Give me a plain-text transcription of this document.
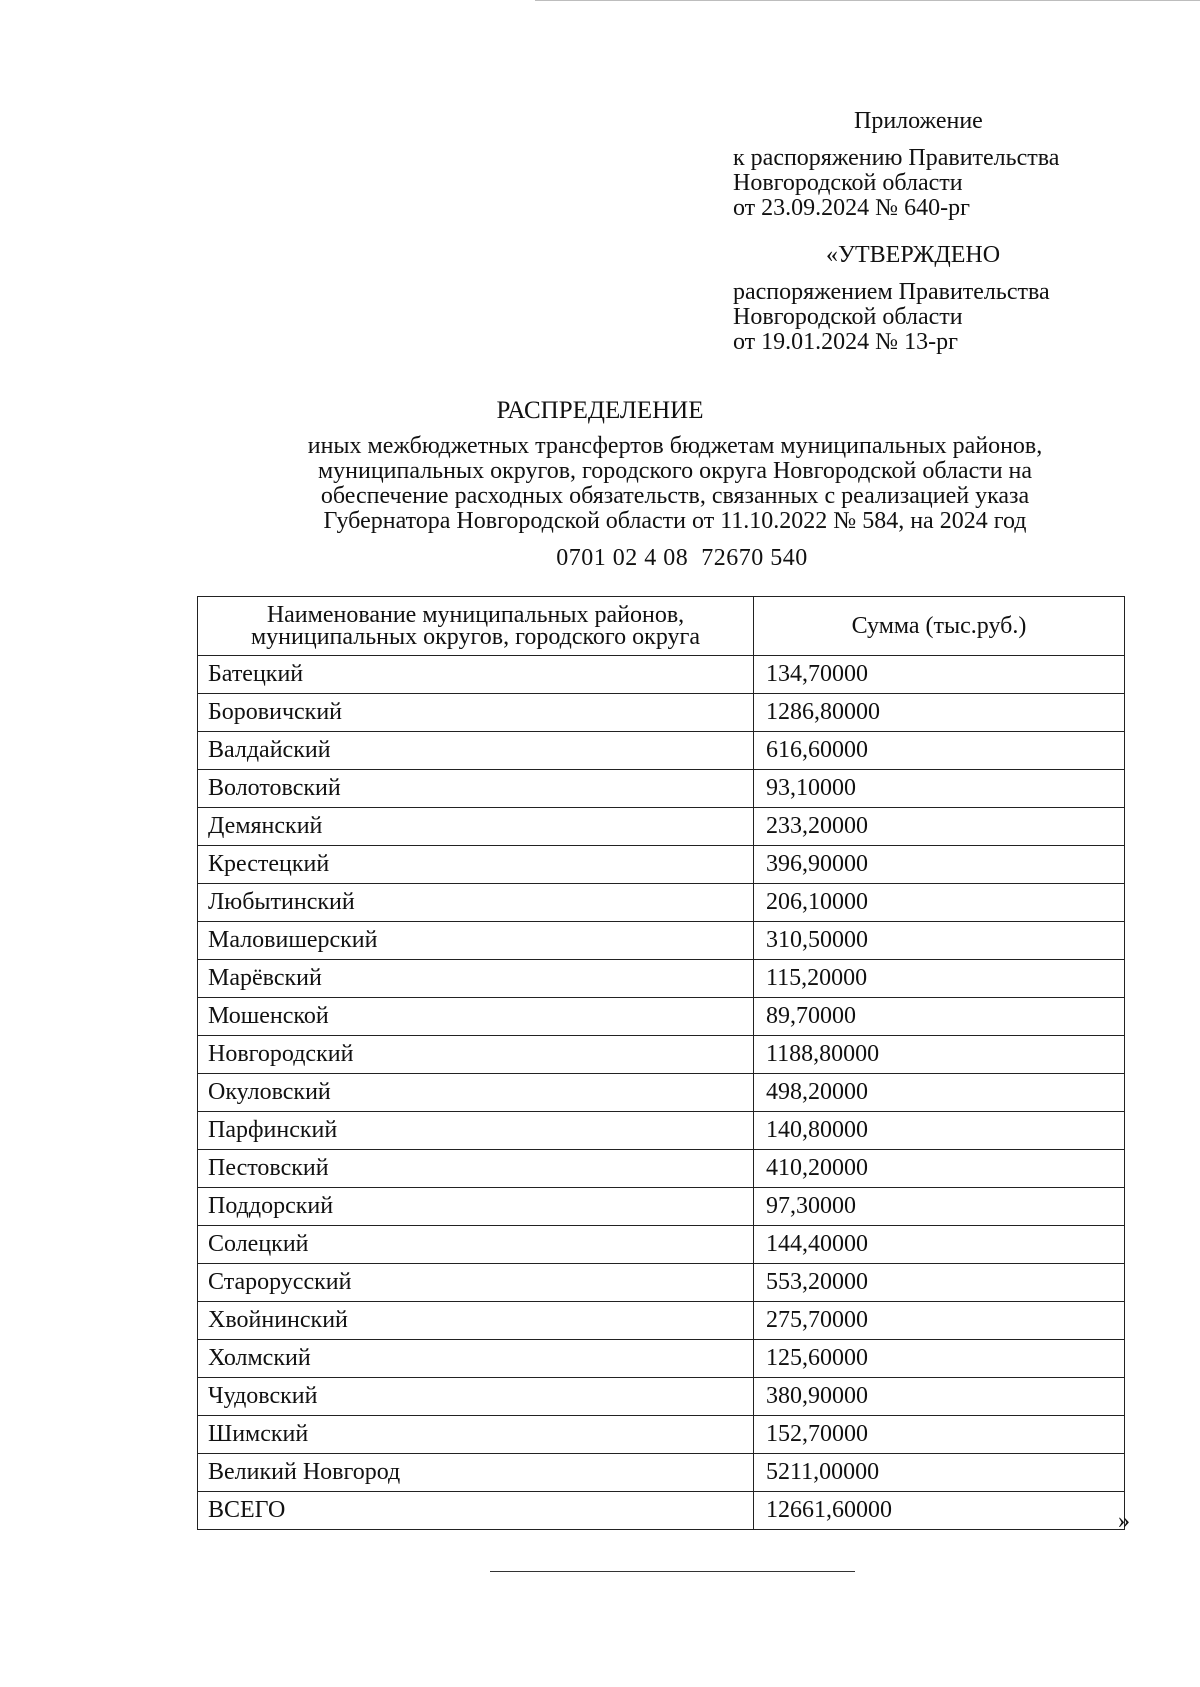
Приложение
к распоряжению Правительства
Новгородской области
от 23.09.2024 № 640-рг
«УТВЕРЖДЕНО
распоряжением Правительства
Новгородской области
от 19.01.2024 № 13-рг
РАСПРЕДЕЛЕНИЕ
иных межбюджетных трансфертов бюджетам муниципальных районов,
муниципальных округов, городского округа Новгородской области на
обеспечение расходных обязательств, связанных с реализацией указа
Губернатора Новгородской области от 11.10.2022 № 584, на 2024 год
0701 02 4 08  72670 540
Наименование муниципальных районов,
муниципальных округов, городского округа	Сумма (тыс.руб.)
Батецкий	134,70000
Боровичский	1286,80000
Валдайский	616,60000
Волотовский	93,10000
Демянский	233,20000
Крестецкий	396,90000
Любытинский	206,10000
Маловишерский	310,50000
Марёвский	115,20000
Мошенской	89,70000
Новгородский	1188,80000
Окуловский	498,20000
Парфинский	140,80000
Пестовский	410,20000
Поддорский	97,30000
Солецкий	144,40000
Старорусский	553,20000
Хвойнинский	275,70000
Холмский	125,60000
Чудовский	380,90000
Шимский	152,70000
Великий Новгород	5211,00000
ВСЕГО	12661,60000	»
